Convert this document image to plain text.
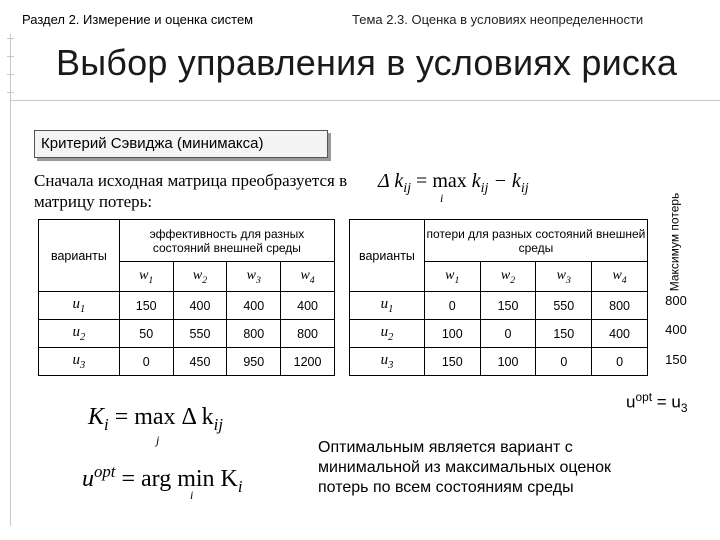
Раздел 2. Измерение и оценка систем	Тема 2.3. Оценка в условиях неопределенности
Выбор управления в условиях риска
Критерий Сэвиджа (минимакса)
Сначала исходная матрица преобразуется в матрицу потерь:
Δ $k_{ij} = \max k_{ij} - k_{ij}$
i
варианты	эффективность для разных состояний внешней среды			
	$w_1$	$w_2$	$w_3$	$w_4$
$u_1$	150	400	400	400
$u_2$	50	550	800	800
$u_3$	0	450	950	1200
варианты	потери для разных состояний внешней среды			
	$w_1$	$w_2$	$w_3$	$w_4$
$u_1$	0	150	550	800
$u_2$	100	0	150	400
$u_3$	150	100	0	0
Максимум потерь
800
400
150
$u^{opt} = u_3$
$K_i = \max \Delta$ $k_{ij}$
j
$u^{opt}$ = arg $\min K_i$
i
Оптимальным является вариант с минимальной из максимальных оценок потерь по всем состояниям среды
